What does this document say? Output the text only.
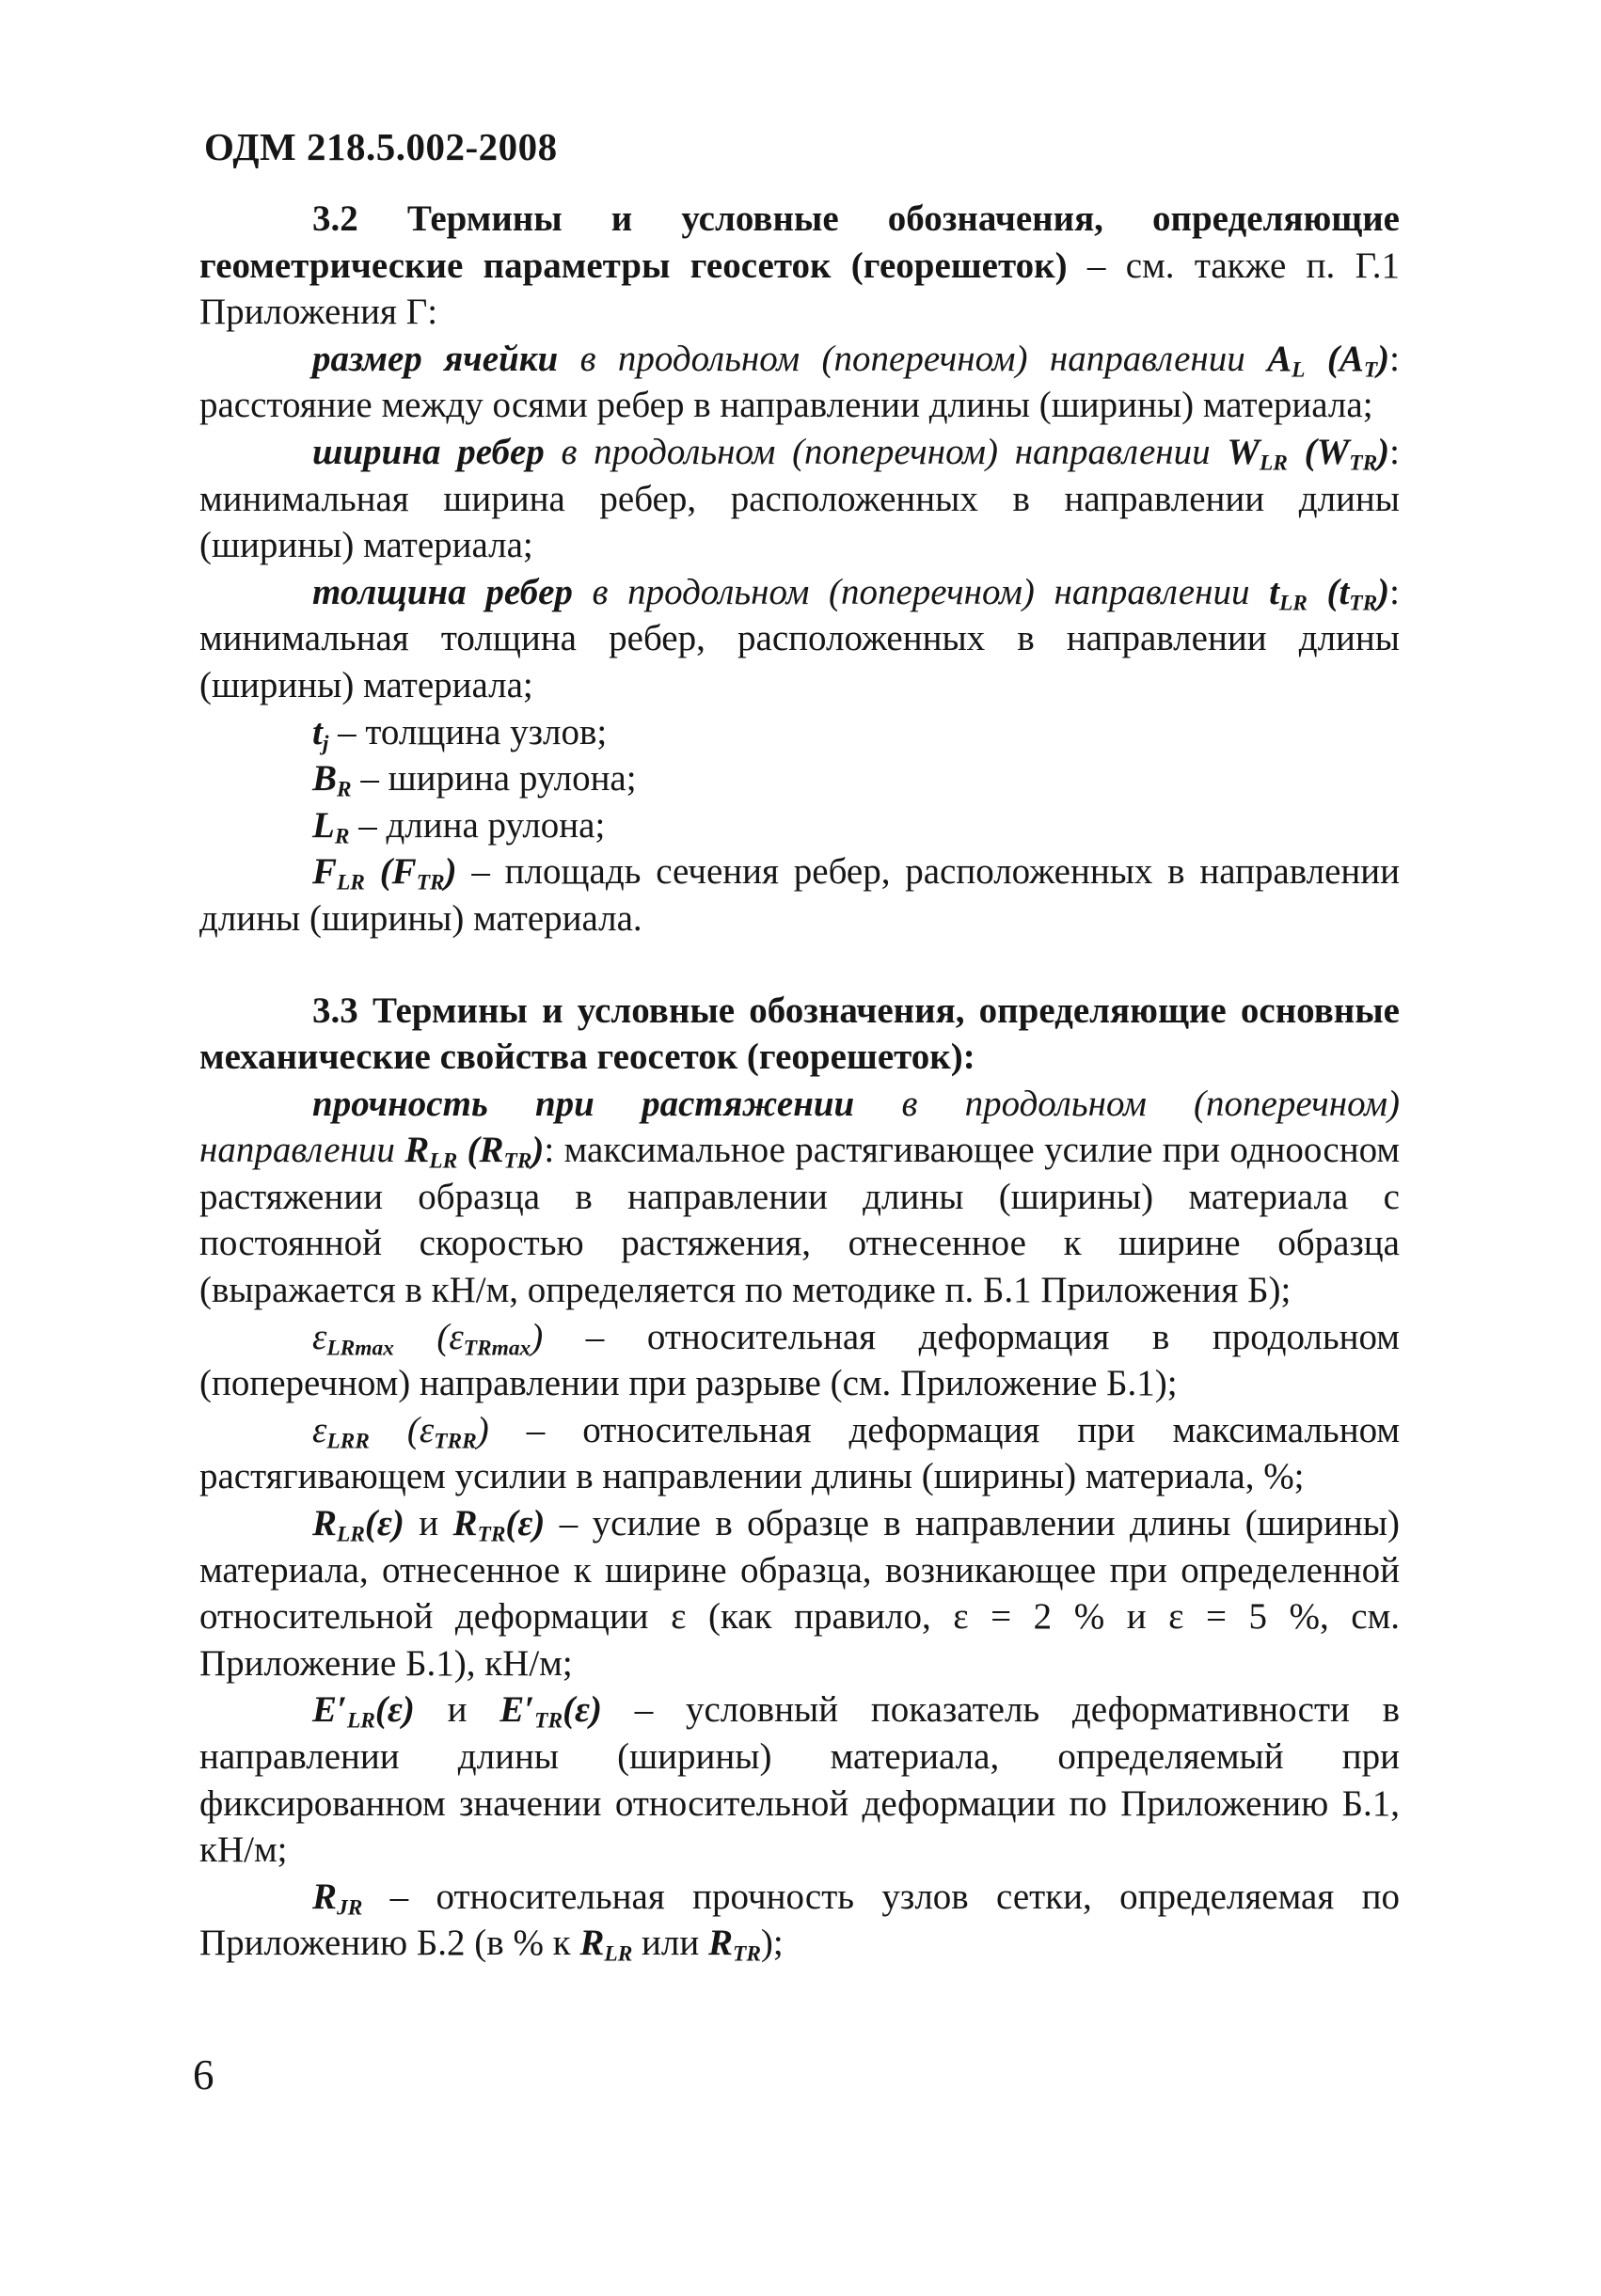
ОДМ 218.5.002-2008

3.2 Термины и условные обозначения, определяющие геометрические параметры геосеток (георешеток) – см. также п. Г.1 Приложения Г:

размер ячейки в продольном (поперечном) направлении $A_L$ $(A_T)$: расстояние между осями ребер в направлении длины (ширины) материала;

ширина ребер в продольном (поперечном) направлении $W_{LR}$ $(W_{TR})$: минимальная ширина ребер, расположенных в направлении длины (ширины) материала;

толщина ребер в продольном (поперечном) направлении $t_{LR}$ $(t_{TR})$: минимальная толщина ребер, расположенных в направлении длины (ширины) материала;

$t_j$ – толщина узлов;

$B_R$ – ширина рулона;

$L_R$ – длина рулона;

$F_{LR}$ $(F_{TR})$ – площадь сечения ребер, расположенных в направлении длины (ширины) материала.

3.3 Термины и условные обозначения, определяющие основные механические свойства геосеток (георешеток):

прочность при растяжении в продольном (поперечном) направлении $R_{LR}$ $(R_{TR})$: максимальное растягивающее усилие при одноосном растяжении образца в направлении длины (ширины) материала с постоянной скоростью растяжения, отнесенное к ширине образца (выражается в кН/м, определяется по методике п. Б.1 Приложения Б);

$\varepsilon_{LRmax}$ $(\varepsilon_{TRmax})$ – относительная деформация в продольном (поперечном) направлении при разрыве (см. Приложение Б.1);

$\varepsilon_{LRR}$ $(\varepsilon_{TRR})$ – относительная деформация при максимальном растягивающем усилии в направлении длины (ширины) материала, %;

$R_{LR}(\varepsilon)$ и $R_{TR}(\varepsilon)$ – усилие в образце в направлении длины (ширины) материала, отнесенное к ширине образца, возникающее при определенной относительной деформации ε (как правило, ε = 2 % и ε = 5 %, см. Приложение Б.1), кН/м;

$E'_{LR}(\varepsilon)$ и $E'_{TR}(\varepsilon)$ – условный показатель деформативности в направлении длины (ширины) материала, определяемый при фиксированном значении относительной деформации по Приложению Б.1, кН/м;

$R_{JR}$ – относительная прочность узлов сетки, определяемая по Приложению Б.2 (в % к $R_{LR}$ или $R_{TR}$);

6
